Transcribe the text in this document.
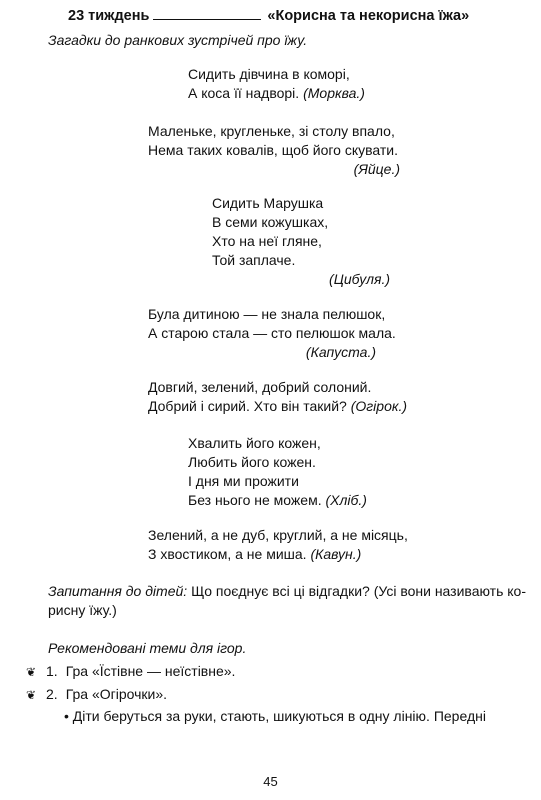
23 тиждень	«Корисна та некорисна їжа»
Загадки до ранкових зустрічей про їжу.
Сидить дівчина в коморі,
А коса її надворі. (Морква.)
Маленьке, кругленьке, зі столу впало,
Нема таких ковалів, щоб його скувати.
(Яйце.)
Сидить Марушка
В семи кожушках,
Хто на неї гляне,
Той заплаче.
(Цибуля.)
Була дитиною — не знала пелюшок,
А старою стала — сто пелюшок мала.
(Капуста.)
Довгий, зелений, добрий солоний.
Добрий і сирий. Хто він такий? (Огірок.)
Хвалить його кожен,
Любить його кожен.
І дня ми прожити
Без нього не можем. (Хліб.)
Зелений, а не дуб, круглий, а не місяць,
З хвостиком, а не миша. (Кавун.)
Запитання до дітей: Що поєднує всі ці відгадки? (Усі вони називають ко-
рисну їжу.)
Рекомендовані теми для ігор.
❦ 1. Гра «Їстівне — неїстівне».
❦ 2. Гра «Огірочки».
• Діти беруться за руки, стають, шикуються в одну лінію. Передні
45
